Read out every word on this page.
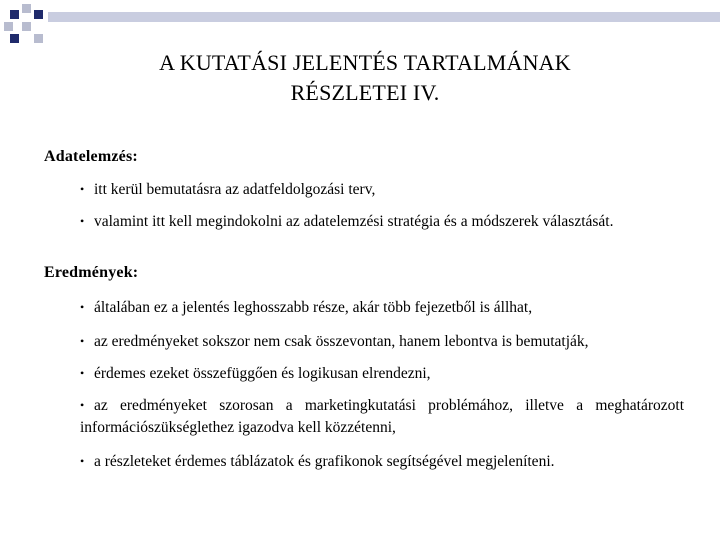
A KUTATÁSI JELENTÉS TARTALMÁNAK
RÉSZLETEI IV.
Adatelemzés:
• itt kerül bemutatásra az adatfeldolgozási terv,
• valamint itt kell megindokolni az adatelemzési stratégia és a módszerek választását.
Eredmények:
• általában ez a jelentés leghosszabb része, akár több fejezetből is állhat,
• az eredményeket sokszor nem csak összevontan, hanem lebontva is bemutatják,
• érdemes ezeket összefüggően és logikusan elrendezni,
• az eredményeket szorosan a marketingkutatási problémához, illetve a meghatározott információszükséglethez igazodva kell közzétenni,
• a részleteket érdemes táblázatok és grafikonok segítségével megjeleníteni.
